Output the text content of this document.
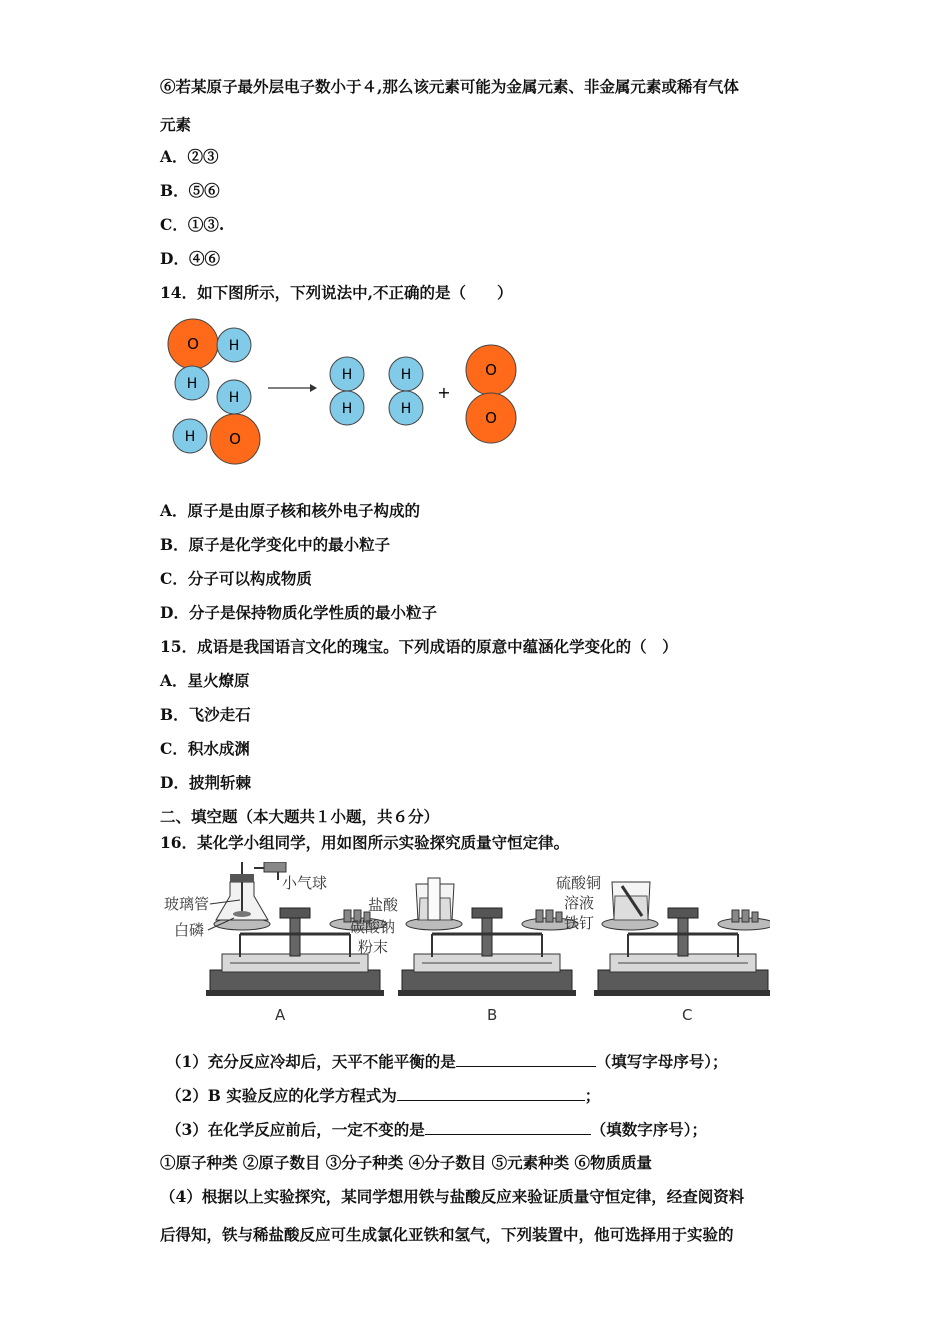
⑥若某原子最外层电子数小于４,那么该元素可能为金属元素、非金属元素或稀有气体
元素
A．②③
B．⑤⑥
C．①③.
D．④⑥
14．如下图所示，下列说法中,不正确的是（　　）
O H
H
H
H O
H
H
H
H
+
O
O
A．原子是由原子核和核外电子构成的
B．原子是化学变化中的最小粒子
C．分子可以构成物质
D．分子是保持物质化学性质的最小粒子
15．成语是我国语言文化的瑰宝。下列成语的原意中蕴涵化学变化的（　）
A．星火燎原
B．飞沙走石
C．积水成渊
D．披荆斩棘
二、填空题（本大题共１小题，共６分）
16．某化学小组同学，用如图所示实验探究质量守恒定律。
小气球
玻璃管
白磷
A
盐酸
碳酸钠
粉末
B
硫酸铜
溶液
铁钉
C
（1）充分反应冷却后，天平不能平衡的是	（填写字母序号）；
（2）B 实验反应的化学方程式为	；
（3）在化学反应前后，一定不变的是	（填数字序号）；
①原子种类 ②原子数目 ③分子种类 ④分子数目 ⑤元素种类 ⑥物质质量
（4）根据以上实验探究，某同学想用铁与盐酸反应来验证质量守恒定律，经查阅资料
后得知，铁与稀盐酸反应可生成氯化亚铁和氢气，下列装置中，他可选择用于实验的
